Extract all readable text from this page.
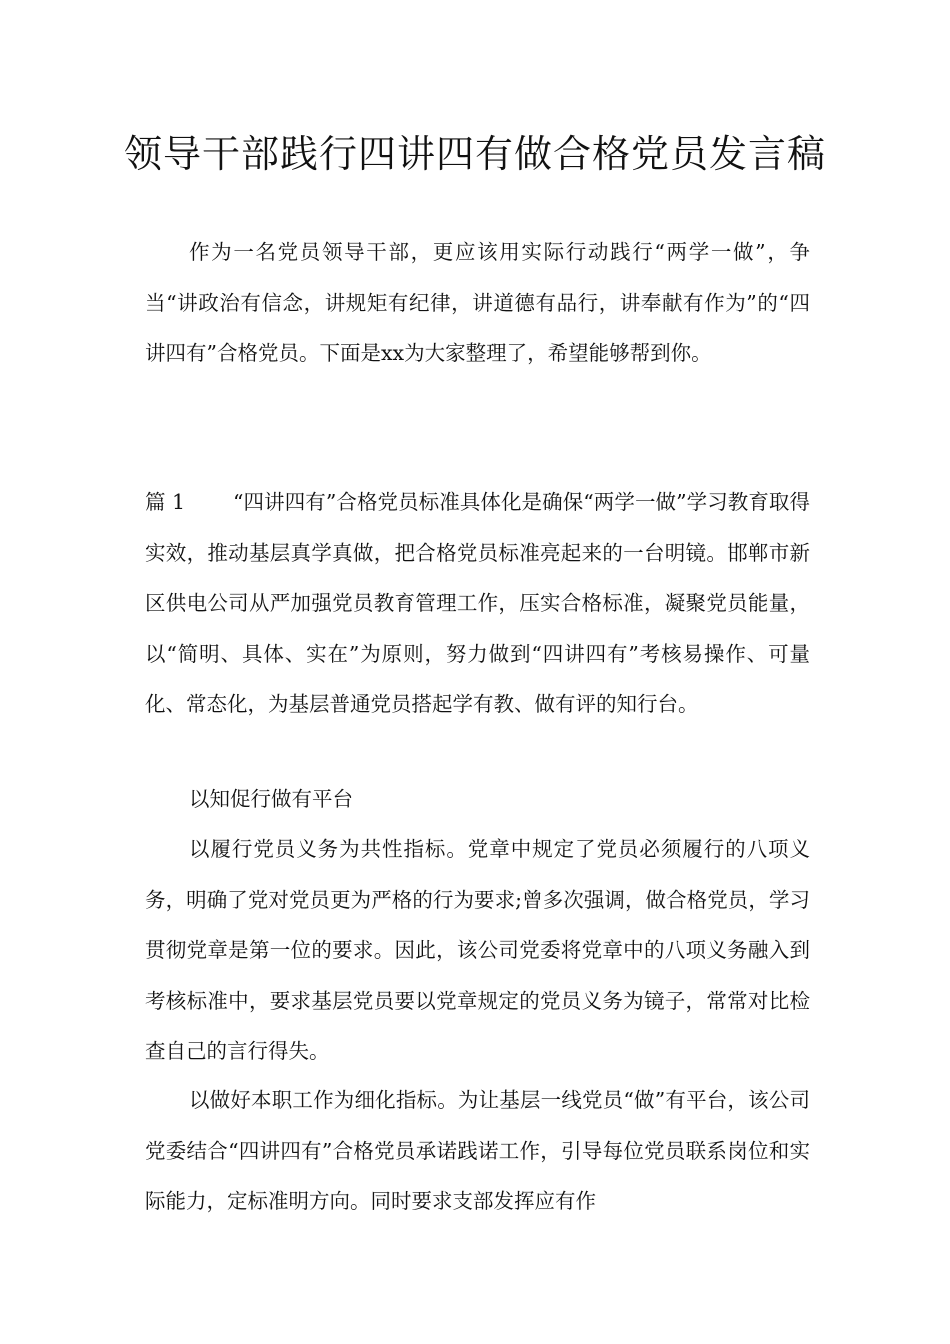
领导干部践行四讲四有做合格党员发言稿

作为一名党员领导干部，更应该用实际行动践行“两学一做”，争当“讲政治有信念，讲规矩有纪律，讲道德有品行，讲奉献有作为”的“四讲四有”合格党员。下面是xx为大家整理了，希望能够帮到你。

篇 1 “四讲四有”合格党员标准具体化是确保“两学一做”学习教育取得实效，推动基层真学真做，把合格党员标准亮起来的一台明镜。邯郸市新区供电公司从严加强党员教育管理工作，压实合格标准，凝聚党员能量，以“简明、具体、实在”为原则，努力做到“四讲四有”考核易操作、可量化、常态化，为基层普通党员搭起学有教、做有评的知行台。

以知促行做有平台

以履行党员义务为共性指标。党章中规定了党员必须履行的八项义务，明确了党对党员更为严格的行为要求;曾多次强调，做合格党员，学习贯彻党章是第一位的要求。因此，该公司党委将党章中的八项义务融入到考核标准中，要求基层党员要以党章规定的党员义务为镜子，常常对比检查自己的言行得失。

以做好本职工作为细化指标。为让基层一线党员“做”有平台，该公司党委结合“四讲四有”合格党员承诺践诺工作，引导每位党员联系岗位和实际能力，定标准明方向。同时要求支部发挥应有作
